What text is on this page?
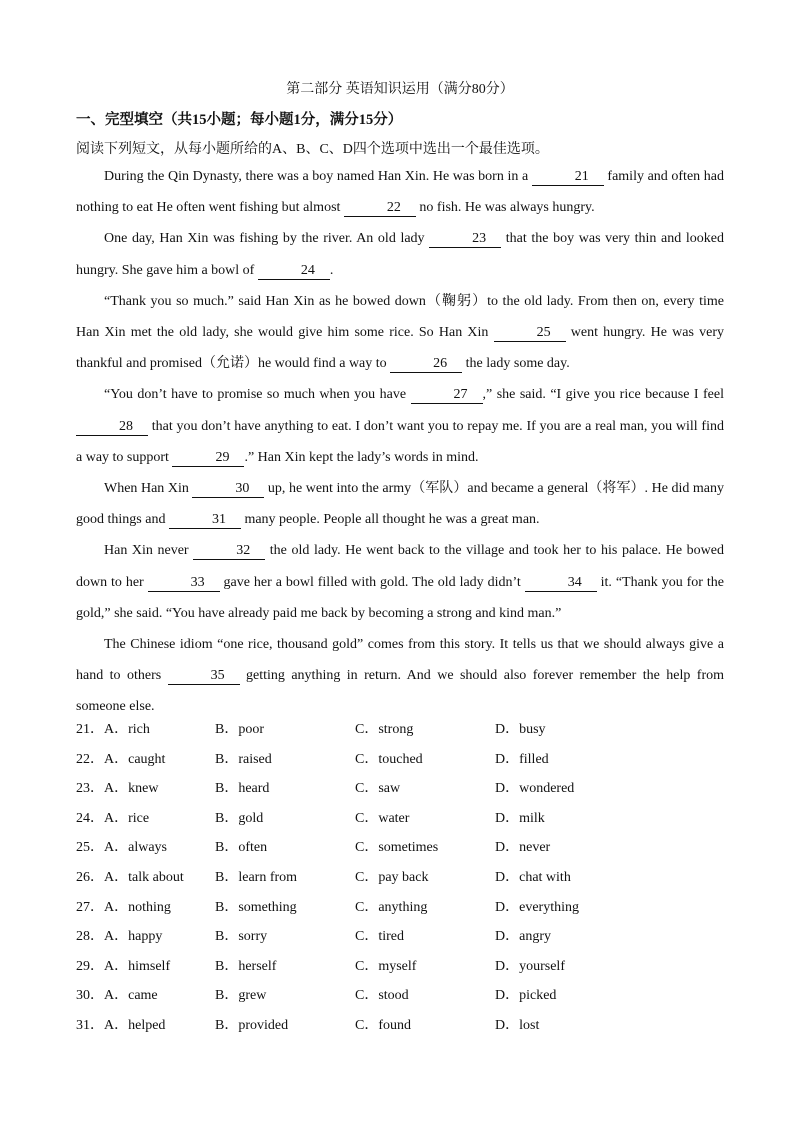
第二部分 英语知识运用（满分80分）
一、完型填空（共15小题；每小题1分，满分15分）
阅读下列短文，从每小题所给的A、B、C、D四个选项中选出一个最佳选项。

During the Qin Dynasty, there was a boy named Han Xin. He was born in a	21 family and often had nothing to eat He often went fishing but almost	22 no fish. He was always hungry.

One day, Han Xin was fishing by the river. An old lady	23 that the boy was very thin and looked hungry. She gave him a bowl of	24 .

“Thank you so much.” said Han Xin as he bowed down（鞠躬）to the old lady. From then on, every time Han Xin met the old lady, she would give him some rice. So Han Xin	25 went hungry. He was very thankful and promised（允诺）he would find a way to	26 the lady some day.

“You don’t have to promise so much when you have	27 ,” she said. “I give you rice because I feel 28 that you don’t have anything to eat. I don’t want you to repay me. If you are a real man, you will find a way to support	29 .” Han Xin kept the lady’s words in mind.

When Han Xin	30 up, he went into the army（军队）and became a general（将军）. He did many good things and	31 many people. People all thought he was a great man.

Han Xin never	32 the old lady. He went back to the village and took her to his palace. He bowed down to her	33 gave her a bowl filled with gold. The old lady didn’t	34 it. “Thank you for the gold,” she said. “You have already paid me back by becoming a strong and kind man.”

The Chinese idiom “one rice, thousand gold” comes from this story. It tells us that we should always give a hand to others	35 getting anything in return. And we should also forever remember the help from someone else.

21． A．rich	B．poor	C．strong	D．busy
22． A．caught	B．raised	C．touched	D．filled
23． A．knew	B．heard	C．saw	D．wondered
24． A．rice	B．gold	C．water	D．milk
25． A．always	B．often	C．sometimes	D．never
26． A．talk about B．learn from	C．pay back	D．chat with
27． A．nothing	B．something	C．anything	D．everything
28． A．happy	B．sorry	C．tired	D．angry
29． A．himself	B．herself	C．myself	D．yourself
30． A．came	B．grew	C．stood	D．picked
31． A．helped	B．provided	C．found	D．lost
